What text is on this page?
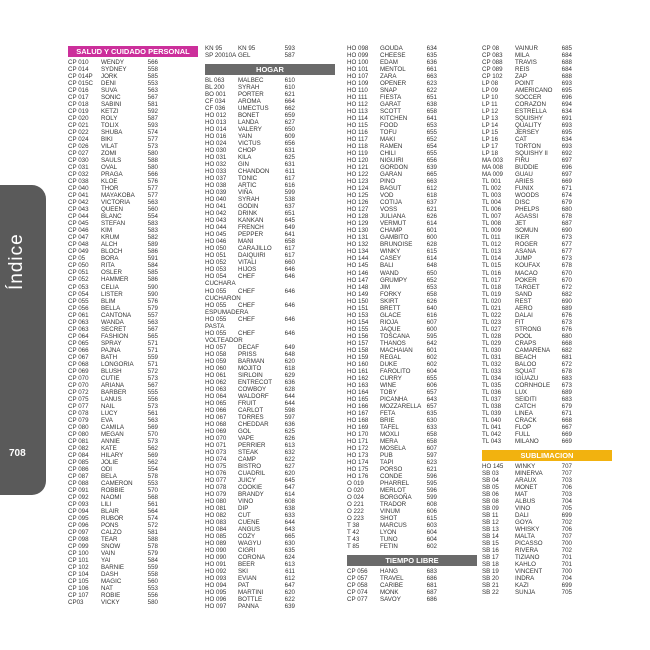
Índice
708
SALUD Y CUIDADO PERSONAL
CP 010	WENDY	566
CP 014	SYDNEY	558
CP 014P	JORK	585
CP 015C	DENI	553
CP 016	SUVA	563
CP 017	SONIC	567
CP 018	SABINI	581
CP 019	KETZI	592
CP 020	ROLY	587
CP 021	TOLIX	593
CP 022	SHUBA	574
CP 024	BIKI	577
CP 026	VILAT	573
CP 027	ZOMI	580
CP 030	SAULS	588
CP 031	OVAL	580
CP 032	PRAGA	566
CP 038	KLOE	576
CP 040	THOR	577
CP 041	MAYAKOBA	577
CP 042	VICTORIA	563
CP 043	QUEEN	560
CP 044	BLANC	554
CP 045	STEFAN	583
CP 046	KIM	583
CP 047	KRUM	582
CP 048	ALCH	589
CP 049	BLOCH	586
CP 05	BORA	591
CP 050	RITA	584
CP 051	OSLER	585
CP 052	HAMMER	586
CP 053	CELIA	590
CP 054	LISTER	590
CP 055	BLIM	576
CP 056	BELLA	579
CP 061	CANTONA	557
CP 063	WANDA	563
CP 063	SECRET	567
CP 064	FASHION	565
CP 065	SPRAY	571
CP 066	PAJNA	571
CP 067	BATH	559
CP 068	LONGORIA	571
CP 069	BLUSH	572
CP 070	CUTIE	573
CP 070	ARIANA	567
CP 072	BARBER	555
CP 075	LANUS	556
CP 077	NAIL	573
CP 078	LUCY	561
CP 079	EVA	563
CP 080	CAMILA	569
CP 080	MEGAN	570
CP 081	ANNIE	573
CP 082	KATE	562
CP 084	HILARY	569
CP 085	JOLIE	562
CP 086	ODI	554
CP 087	BELA	578
CP 088	CAMERON	553
CP 091	ROBBIE	570
CP 092	NAOMI	568
CP 093	LILI	561
CP 094	BLAIR	564
CP 095	RUBOR	574
CP 096	PONS	572
CP 097	CALZO	581
CP 098	TEAR	588
CP 099	SNOW	578
CP 100	VAIN	579
CP 101	YAI	584
CP 102	BARNIE	559
CP 104	DASH	558
CP 105	MAGIC	560
CP 106	NAT	553
CP 107	ROBIE	556
CP03	VICKY	580
KN 95	KN 95	593
SP 20010A GEL	587
HOGAR
BL 063	MALBEC	610
BL 200	SYRAH	610
BO 001	PORTER	621
CF 034	AROMA	664
CF 036	UMECTUS	662
HO 012	BONET	659
HO 013	LANDA	627
HO 014	VALERY	650
HO 016	YAIN	609
HO 024	VICTUS	656
HO 030	CHOP	631
HO 031	KILA	625
HO 032	GIN	631
HO 033	CHANDON	611
HO 037	TONIC	617
HO 038	ARTIC	616
HO 039	VIÑA	599
HO 040	SYRAH	538
HO 041	GODIN	637
HO 042	DRINK	651
HO 043	KANKAN	645
HO 044	FRENCH	649
HO 045	PEPPER	641
HO 046	MANI	658
HO 050	CARAJILLO	617
HO 051	DAIQUIRI	617
HO 052	VITALI	660
HO 053	HIJOS	646
HO 054	CHEF	646
CUCHARA
HO 055	CHEF	646
CUCHARON
HO 055	CHEF	646
ESPUMADERA
HO 055	CHEF	646
PASTA
HO 055	CHEF	646
VOLTEADOR
HO 057	DECAF	649
HO 058	PRISS	648
HO 059	BARMAN	620
HO 060	MOJITO	618
HO 061	SIRLOIN	629
HO 062	ENTRECOT	636
HO 063	COWBOY	628
HO 064	WALDORF	644
HO 065	FRUIT	644
HO 066	CARLOT	598
HO 067	TORRES	597
HO 068	CHEDDAR	636
HO 069	GOL	625
HO 070	VAPE	626
HO 071	PERRIER	613
HO 073	STEAK	632
HO 074	CAMP	622
HO 075	BISTRO	627
HO 076	CUADRIL	620
HO 077	JUICY	645
HO 078	COOKIE	647
HO 079	BRANDY	614
HO 080	VINO	608
HO 081	DIP	638
HO 082	CUT	633
HO 083	CUENE	644
HO 084	ANGUS	643
HO 085	COZY	665
HO 089	WAGYU	630
HO 090	CIGRI	635
HO 090	CORONA	624
HO 091	BEER	613
HO 092	SKI	611
HO 093	EVIAN	612
HO 094	PAT	647
HO 095	MARTINI	620
HO 096	BOTTLE	622
HO 097	PANNA	639
HO 098	GOUDA	634
HO 099	CHEESE	635
HO 100	EDAM	636
HO 101	MENTOL	661
HO 107	ZARA	663
HO 109	OPENER	623
HO 110	SNAP	622
HO 111	FIESTA	651
HO 112	GARAT	638
HO 113	SCOTT	658
HO 114	KITCHEN	641
HO 115	FOOD	653
HO 116	TOFU	655
HO 117	MAKI	652
HO 118	RAMEN	654
HO 119	CHILI	655
HO 120	NIGUIRI	656
HO 121	GORDON	639
HO 122	GARAN	665
HO 123	PINO	663
HO 124	BAGUT	612
HO 125	VOD	618
HO 126	COTIJA	637
HO 127	VOSS	621
HO 128	JULIANA	626
HO 129	VERMUT	614
HO 130	CHAMP	601
HO 131	GAMBITO	600
HO 132	BRUNOISE	628
HO 134	WINKY	615
HO 144	CASEY	614
HO 145	BALI	648
HO 146	WAND	650
HO 147	GRUMPY	652
HO 148	JIM	653
HO 149	FORKY	658
HO 150	SKIRT	626
HO 151	BRETT	640
HO 153	GLACE	616
HO 154	RIOJA	607
HO 155	JAQUE	600
HO 156	TOSCANA	595
HO 157	THANOS	642
HO 158	MACHAIAN	601
HO 159	REGAL	602
HO 160	DUKE	602
HO 161	FAROLITO	604
HO 162	CURRY	655
HO 163	WINE	606
HO 164	TOBY	657
HO 165	PICANHA	643
HO 166	MOZZARELLA 657
HO 167	FETA	635
HO 168	BRIE	630
HO 169	TAFEL	633
HO 170	MOXLI	658
HO 171	MERA	658
HO 172	MOSELA	607
HO 173	PUB	597
HO 174	TAPI	623
HO 175	PORSO	621
HO 176	CONDE	596
O 019	PHARREL	595
O 020	MERLOT	596
O 024	BORGOÑA	599
O 221	TRADOR	608
O 222	VINUM	606
O 223	SHOT	615
T 38	MARCUS	603
T 42	LYON	604
T 43	TUNO	604
T 85	FETIN	602
TIEMPO LIBRE
CP 056	HANG	683
CP 057	TRAVEL	686
CP 058	CARIBE	681
CP 074	MONK	687
CP 077	SAVOY	686
CP 08	VAINUR	685
CP 083	MILA	684
CP 088	TRAVIS	688
CP 089	REIS	684
CP 102	ZAP	688
LP 08	POINT	693
LP 09	AMERICANO	695
LP 10	SOCCER	696
LP 11	CORAZON	694
LP 12	ESTRELLA	634
LP 13	SQUISHY	691
LP 14	QUALITY	693
LP 15	JERSEY	695
LP 16	CAT	634
LP 17	TORTON	693
LP 18	SQUISHY II	692
MA 003	FIRU	697
MA 008	BUDDIE	696
MA 009	GUAU	697
TL 001	ARIES	669
TL 002	FUNIX	671
TL 003	WOODS	674
TL 004	DISC	679
TL 006	PHELPS	680
TL 007	AGASSI	678
TL 008	JET	687
TL 009	SOMUN	690
TL 011	IKER	673
TL 012	ROGER	677
TL 013	ASANA	677
TL 014	JUMP	673
TL 015	KOUFAX	678
TL 016	MACAO	670
TL 017	POKER	670
TL 018	TARGET	672
TL 019	SAND	682
TL 020	REST	690
TL 021	AERO	689
TL 022	DALAI	676
TL 023	FIT	673
TL 027	STRONG	676
TL 028	POOL	680
TL 029	CRAPS	668
TL 030	CAMARENA	682
TL 031	BEACH	681
TL 032	BALOO	672
TL 033	SQUAT	678
TL 034	IGUAZU	683
TL 035	CORNHOLE	673
TL 036	LUX	689
TL 037	SEIDITI	683
TL 038	CATCH	679
TL 039	LINEA	671
TL 040	CRACK	668
TL 041	FLOP	667
TL 042	FULL	669
TL 043	MILANO	669
SUBLIMACION
HO 145	WINKY	707
SB 03	MINERVA	707
SB 04	ARAUX	703
SB 05	MONET	706
SB 06	MAT	703
SB 08	ALBUS	704
SB 09	VINO	705
SB 11	DALI	699
SB 12	GOYA	702
SB 13	WHISKY	706
SB 14	MALTA	707
SB 15	PICASSO	700
SB 16	RIVERA	702
SB 17	TIZIANO	701
SB 18	KAHLO	701
SB 19	VINCENT	700
SB 20	INDRA	704
SB 21	KAZI	699
SB 22	SUNJA	705
